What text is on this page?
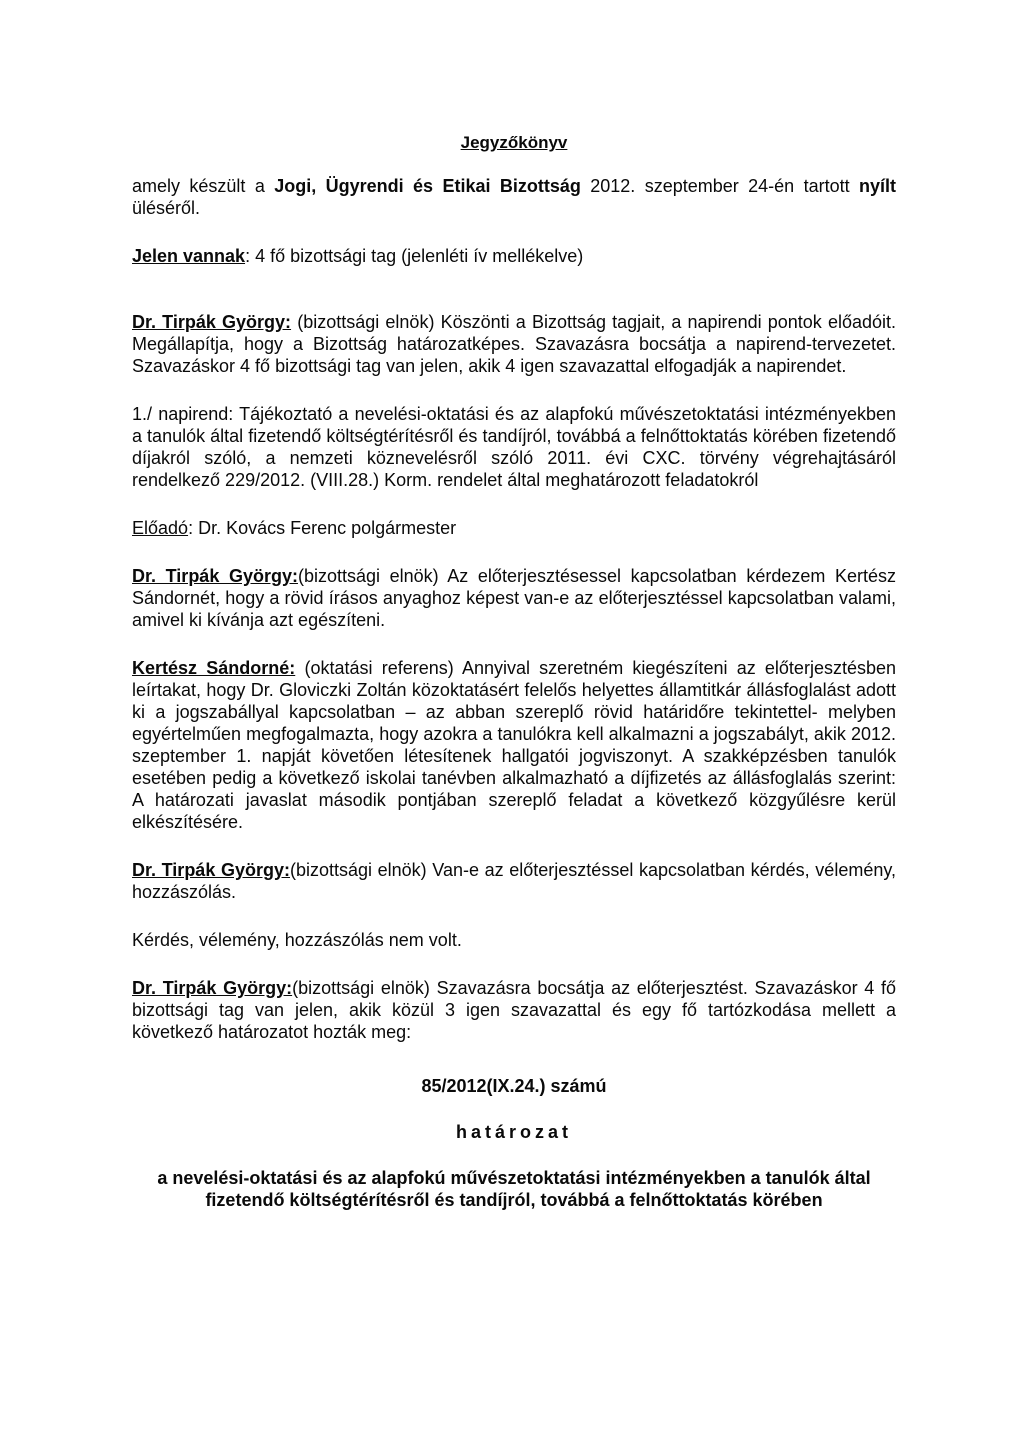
Jegyzőkönyv

amely készült a Jogi, Ügyrendi és Etikai Bizottság 2012. szeptember 24-én tartott nyílt üléséről.

Jelen vannak: 4 fő bizottsági tag (jelenléti ív mellékelve)

Dr. Tirpák György: (bizottsági elnök) Köszönti a Bizottság tagjait, a napirendi pontok előadóit. Megállapítja, hogy a Bizottság határozatképes. Szavazásra bocsátja a napirend-tervezetet. Szavazáskor 4 fő bizottsági tag van jelen, akik 4 igen szavazattal elfogadják a napirendet.

1./ napirend: Tájékoztató a nevelési-oktatási és az alapfokú művészetoktatási intézményekben a tanulók által fizetendő költségtérítésről és tandíjról, továbbá a felnőttoktatás körében fizetendő díjakról szóló, a nemzeti köznevelésről szóló 2011. évi CXC. törvény végrehajtásáról rendelkező 229/2012. (VIII.28.) Korm. rendelet által meghatározott feladatokról

Előadó: Dr. Kovács Ferenc polgármester

Dr. Tirpák György:(bizottsági elnök) Az előterjesztésessel kapcsolatban kérdezem Kertész Sándornét, hogy a rövid írásos anyaghoz képest van-e az előterjesztéssel kapcsolatban valami, amivel ki kívánja azt egészíteni.

Kertész Sándorné: (oktatási referens) Annyival szeretném kiegészíteni az előterjesztésben leírtakat, hogy Dr. Gloviczki Zoltán közoktatásért felelős helyettes államtitkár állásfoglalást adott ki a jogszabállyal kapcsolatban – az abban szereplő rövid határidőre tekintettel- melyben egyértelműen megfogalmazta, hogy azokra a tanulókra kell alkalmazni a jogszabályt, akik 2012. szeptember 1. napját követően létesítenek hallgatói jogviszonyt. A szakképzésben tanulók esetében pedig a következő iskolai tanévben alkalmazható a díjfizetés az állásfoglalás szerint: A határozati javaslat második pontjában szereplő feladat a következő közgyűlésre kerül elkészítésére.

Dr. Tirpák György:(bizottsági elnök) Van-e az előterjesztéssel kapcsolatban kérdés, vélemény, hozzászólás.

Kérdés, vélemény, hozzászólás nem volt.

Dr. Tirpák György:(bizottsági elnök) Szavazásra bocsátja az előterjesztést. Szavazáskor 4 fő bizottsági tag van jelen, akik közül 3 igen szavazattal és egy fő tartózkodása mellett a következő határozatot hozták meg:

85/2012(IX.24.) számú

határozat

a nevelési-oktatási és az alapfokú művészetoktatási intézményekben a tanulók által fizetendő költségtérítésről és tandíjról, továbbá a felnőttoktatás körében
